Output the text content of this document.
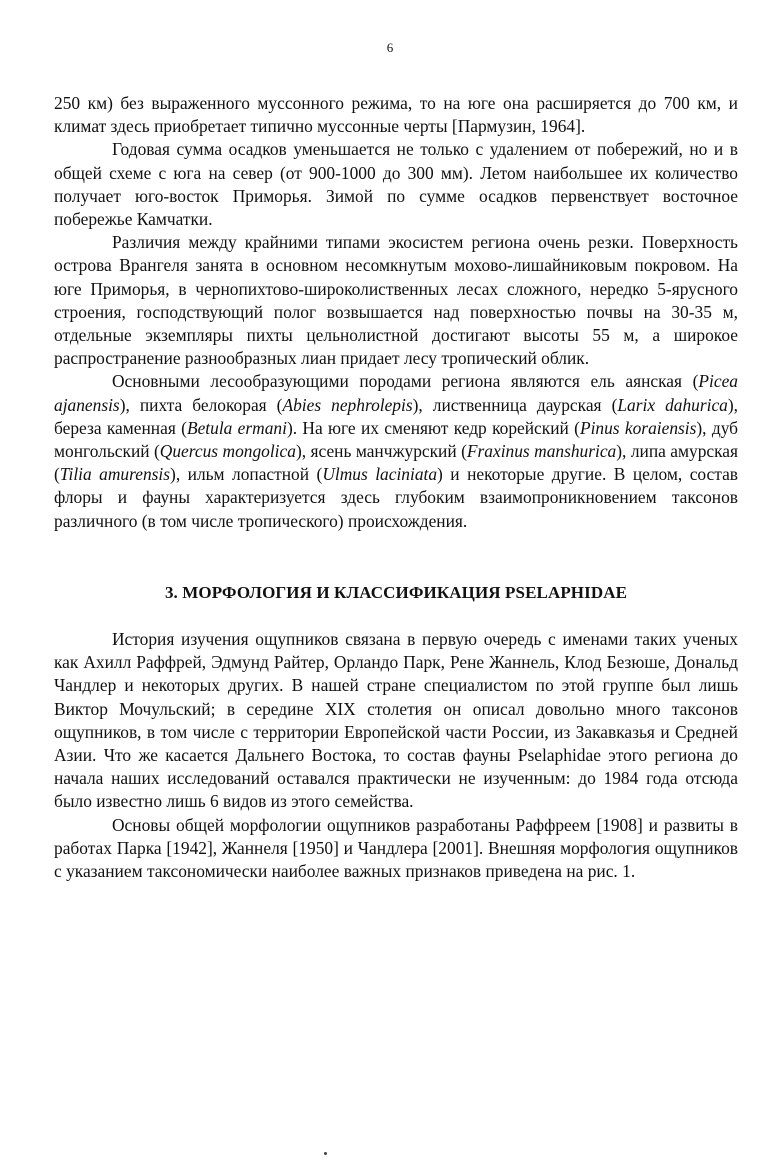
6

250 км) без выраженного муссонного режима, то на юге она расширяется до 700 км, и климат здесь приобретает типично муссонные черты [Пармузин, 1964].

Годовая сумма осадков уменьшается не только с удалением от побережий, но и в общей схеме с юга на север (от 900-1000 до 300 мм). Летом наибольшее их количество получает юго-восток Приморья. Зимой по сумме осадков первенствует восточное побережье Камчатки.

Различия между крайними типами экосистем региона очень резки. Поверхность острова Врангеля занята в основном несомкнутым мохово-лишайниковым покровом. На юге Приморья, в чернопихтово-широколиственных лесах сложного, нередко 5-ярусного строения, господствующий полог возвышается над поверхностью почвы на 30-35 м, отдельные экземпляры пихты цельнолистной достигают высоты 55 м, а широкое распространение разнообразных лиан придает лесу тропический облик.

Основными лесообразующими породами региона являются ель аянская (Picea ajanensis), пихта белокорая (Abies nephrolepis), лиственница даурская (Larix dahurica), береза каменная (Betula ermani). На юге их сменяют кедр корейский (Pinus koraiensis), дуб монгольский (Quercus mongolica), ясень манчжурский (Fraxinus manshurica), липа амурская (Tilia amurensis), ильм лопастной (Ulmus laciniata) и некоторые другие. В целом, состав флоры и фауны характеризуется здесь глубоким взаимопроникновением таксонов различного (в том числе тропического) происхождения.

3. МОРФОЛОГИЯ И КЛАССИФИКАЦИЯ PSELAPHIDAE

История изучения ощупников связана в первую очередь с именами таких ученых как Ахилл Раффрей, Эдмунд Райтер, Орландо Парк, Рене Жаннель, Клод Безюше, Дональд Чандлер и некоторых других. В нашей стране специалистом по этой группе был лишь Виктор Мочульский; в середине XIX столетия он описал довольно много таксонов ощупников, в том числе с территории Европейской части России, из Закавказья и Средней Азии. Что же касается Дальнего Востока, то состав фауны Pselaphidae этого региона до начала наших исследований оставался практически не изученным: до 1984 года отсюда было известно лишь 6 видов из этого семейства.

Основы общей морфологии ощупников разработаны Раффреем [1908] и развиты в работах Парка [1942], Жаннеля [1950] и Чандлера [2001]. Внешняя морфология ощупников с указанием таксономически наиболее важных признаков приведена на рис. 1.
